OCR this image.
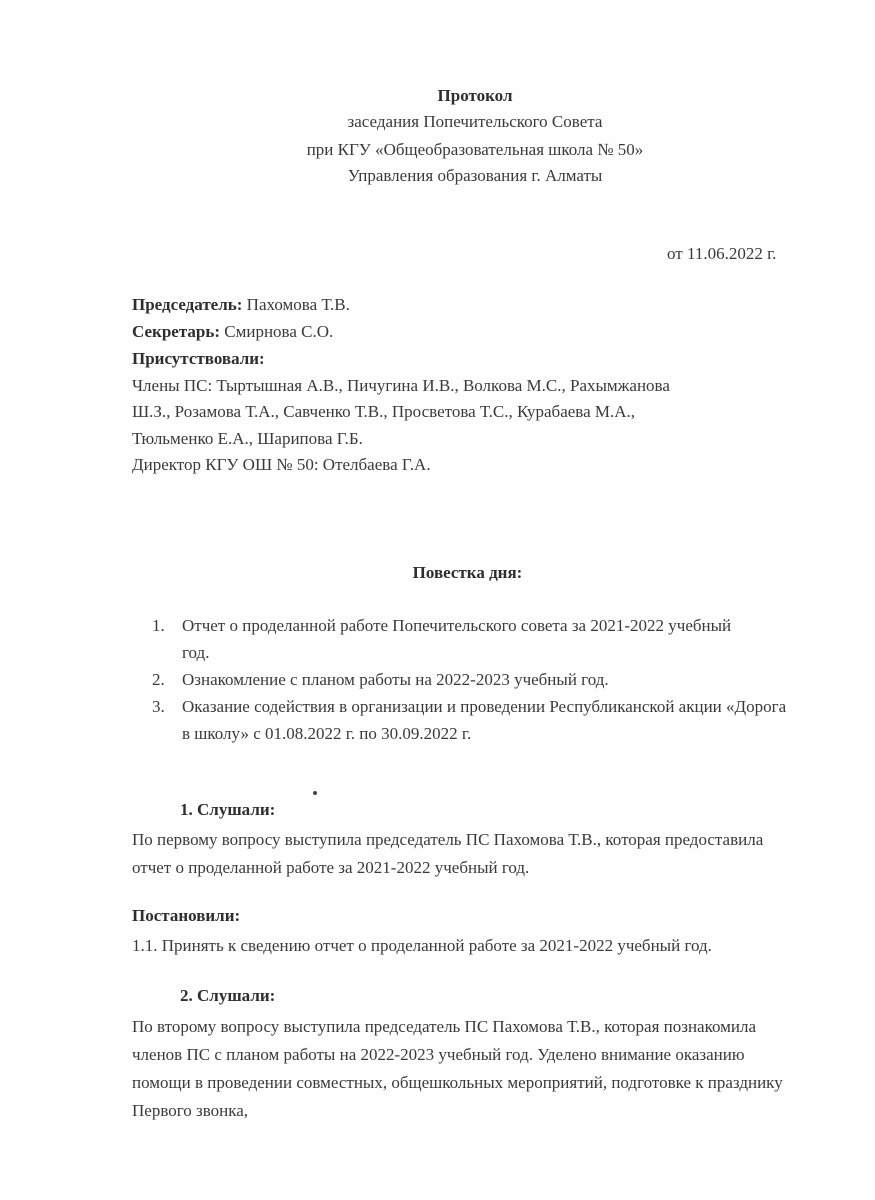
Протокол
заседания Попечительского Совета
при КГУ «Общеобразовательная школа № 50»
Управления образования г. Алматы
от 11.06.2022 г.
Председатель: Пахомова Т.В.
Секретарь: Смирнова С.О.
Присутствовали:
Члены ПС: Тыртышная А.В., Пичугина И.В., Волкова М.С., Рахымжанова
Ш.З., Розамова Т.А., Савченко Т.В., Просветова Т.С., Курабаева М.А.,
Тюльменко Е.А., Шарипова Г.Б.
Директор КГУ ОШ № 50: Отелбаева Г.А.
Повестка дня:
1. Отчет о проделанной работе Попечительского совета за 2021-2022 учебный год.
2. Ознакомление с планом работы на 2022-2023 учебный год.
3. Оказание содействия в организации и проведении Республиканской акции «Дорога в школу» с 01.08.2022 г. по 30.09.2022 г.
1. Слушали:
По первому вопросу выступила председатель ПС Пахомова Т.В., которая предоставила отчет о проделанной работе за 2021-2022 учебный год.
Постановили:
1.1. Принять к сведению отчет о проделанной работе за 2021-2022 учебный год.
2. Слушали:
По второму вопросу выступила председатель ПС Пахомова Т.В., которая познакомила членов ПС с планом работы на 2022-2023 учебный год. Уделено внимание оказанию помощи в проведении совместных, общешкольных мероприятий, подготовке к празднику Первого звонка,
